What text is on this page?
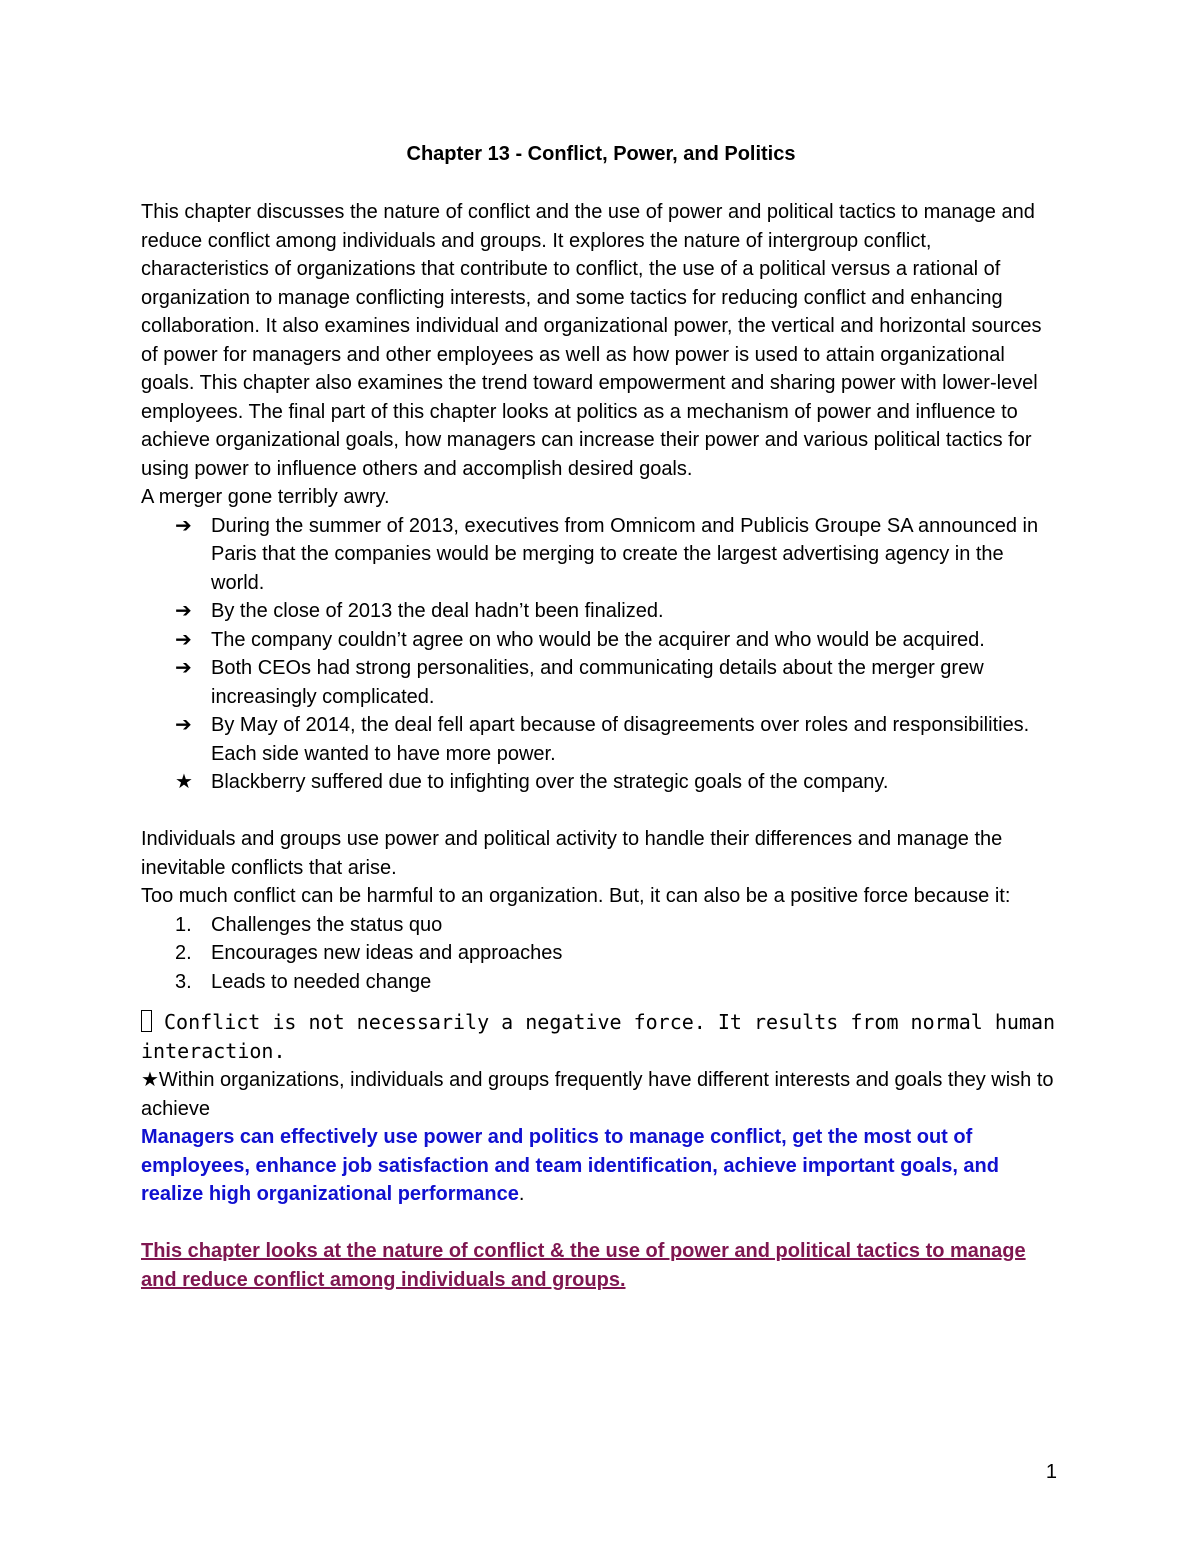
Chapter 13 - Conflict, Power, and Politics

This chapter discusses the nature of conflict and the use of power and political tactics to manage and reduce conflict among individuals and groups. It explores the nature of intergroup conflict, characteristics of organizations that contribute to conflict, the use of a political versus a rational of organization to manage conflicting interests, and some tactics for reducing conflict and enhancing collaboration. It also examines individual and organizational power, the vertical and horizontal sources of power for managers and other employees as well as how power is used to attain organizational goals. This chapter also examines the trend toward empowerment and sharing power with lower-level employees. The final part of this chapter looks at politics as a mechanism of power and influence to achieve organizational goals, how managers can increase their power and various political tactics for using power to influence others and accomplish desired goals.

A merger gone terribly awry.

➔ During the summer of 2013, executives from Omnicom and Publicis Groupe SA announced in Paris that the companies would be merging to create the largest advertising agency in the world.
➔ By the close of 2013 the deal hadn’t been finalized.
➔ The company couldn’t agree on who would be the acquirer and who would be acquired.
➔ Both CEOs had strong personalities, and communicating details about the merger grew increasingly complicated.
➔ By May of 2014, the deal fell apart because of disagreements over roles and responsibilities. Each side wanted to have more power.
★ Blackberry suffered due to infighting over the strategic goals of the company.

Individuals and groups use power and political activity to handle their differences and manage the inevitable conflicts that arise.

Too much conflict can be harmful to an organization. But, it can also be a positive force because it:

1. Challenges the status quo
2. Encourages new ideas and approaches
3. Leads to needed change

Conflict is not necessarily a negative force. It results from normal human interaction.

★Within organizations, individuals and groups frequently have different interests and goals they wish to achieve

Managers can effectively use power and politics to manage conflict, get the most out of employees, enhance job satisfaction and team identification, achieve important goals, and realize high organizational performance.

This chapter looks at the nature of conflict & the use of power and political tactics to manage and reduce conflict among individuals and groups.

1
